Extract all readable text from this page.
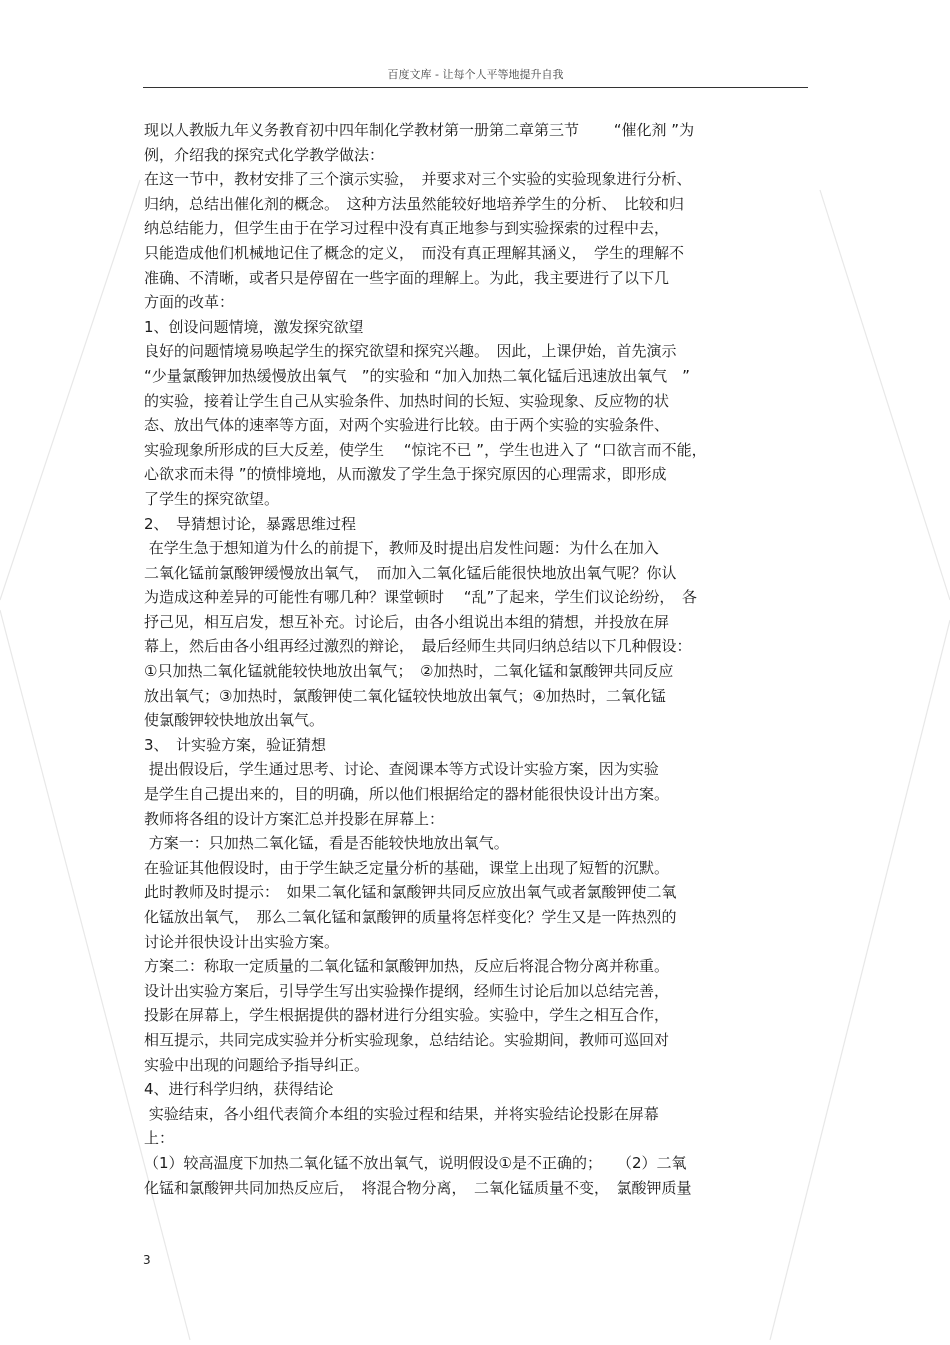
百度文库 - 让每个人平等地提升自我
现以人教版九年义务教育初中四年制化学教材第一册第二章第三节　　 “催化剂 ”为
例，介绍我的探究式化学教学做法：
在这一节中，教材安排了三个演示实验，　并要求对三个实验的实验现象进行分析、
归纳，总结出催化剂的概念。　这种方法虽然能较好地培养学生的分析、　比较和归
纳总结能力，但学生由于在学习过程中没有真正地参与到实验探索的过程中去，
只能造成他们机械地记住了概念的定义，　而没有真正理解其涵义，　学生的理解不
准确、不清晰，或者只是停留在一些字面的理解上。为此，我主要进行了以下几
方面的改革：
1、创设问题情境，激发探究欲望
良好的问题情境易唤起学生的探究欲望和探究兴趣。　因此，上课伊始，首先演示
“少量氯酸钾加热缓慢放出氧气　”的实验和 “加入加热二氧化锰后迅速放出氧气　”
的实验，接着让学生自己从实验条件、加热时间的长短、实验现象、反应物的状
态、放出气体的速率等方面，对两个实验进行比较。由于两个实验的实验条件、
实验现象所形成的巨大反差，使学生　 “惊诧不已 ”，学生也进入了 “口欲言而不能，
心欲求而未得 ”的愤悱境地，从而激发了学生急于探究原因的心理需求，即形成
了学生的探究欲望。
2、　导猜想讨论，暴露思维过程
在学生急于想知道为什么的前提下，教师及时提出启发性问题：为什么在加入
二氧化锰前氯酸钾缓慢放出氧气，　而加入二氧化锰后能很快地放出氧气呢？你认
为造成这种差异的可能性有哪几种？课堂顿时　 “乱”了起来，学生们议论纷纷，　各
抒己见，相互启发，想互补充。讨论后，由各小组说出本组的猜想，并投放在屏
幕上，然后由各小组再经过激烈的辩论，　最后经师生共同归纳总结以下几种假设：
①只加热二氧化锰就能较快地放出氧气；　②加热时，二氧化锰和氯酸钾共同反应
放出氧气；③加热时，氯酸钾使二氧化锰较快地放出氧气；④加热时，二氧化锰
使氯酸钾较快地放出氧气。
3、　计实验方案，验证猜想
提出假设后，学生通过思考、讨论、查阅课本等方式设计实验方案，因为实验
是学生自己提出来的，目的明确，所以他们根据给定的器材能很快设计出方案。
教师将各组的设计方案汇总并投影在屏幕上：
方案一：只加热二氧化锰，看是否能较快地放出氧气。
在验证其他假设时，由于学生缺乏定量分析的基础，课堂上出现了短暂的沉默。
此时教师及时提示：　如果二氧化锰和氯酸钾共同反应放出氧气或者氯酸钾使二氧
化锰放出氧气，　那么二氧化锰和氯酸钾的质量将怎样变化？学生又是一阵热烈的
讨论并很快设计出实验方案。
方案二：称取一定质量的二氧化锰和氯酸钾加热，反应后将混合物分离并称重。
设计出实验方案后，引导学生写出实验操作提纲，经师生讨论后加以总结完善，
投影在屏幕上，学生根据提供的器材进行分组实验。实验中，学生之相互合作，
相互提示，共同完成实验并分析实验现象，总结结论。实验期间，教师可巡回对
实验中出现的问题给予指导纠正。
4、进行科学归纳，获得结论
实验结束，各小组代表简介本组的实验过程和结果，并将实验结论投影在屏幕
上：
（1）较高温度下加热二氧化锰不放出氧气，说明假设①是不正确的；　　（2）二氧
化锰和氯酸钾共同加热反应后，　将混合物分离，　二氧化锰质量不变，　氯酸钾质量
3
